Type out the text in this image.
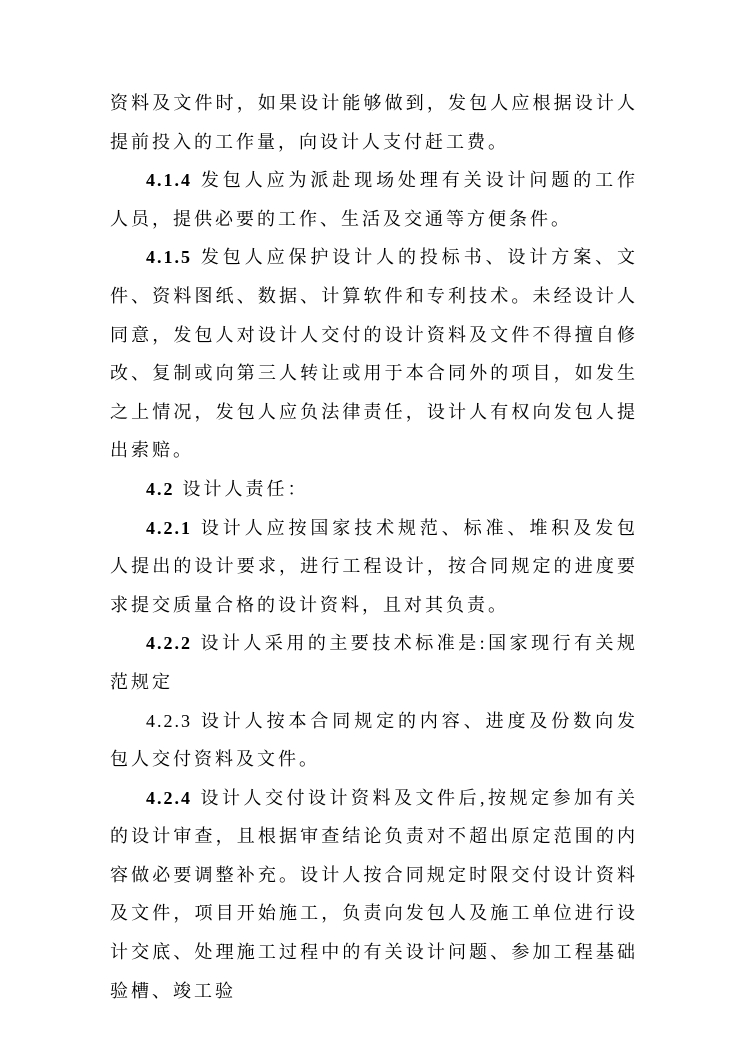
资料及文件时，如果设计能够做到，发包人应根据设计人提前投入的工作量，向设计人支付赶工费。

4.1.4 发包人应为派赴现场处理有关设计问题的工作人员，提供必要的工作、生活及交通等方便条件。

4.1.5 发包人应保护设计人的投标书、设计方案、文件、资料图纸、数据、计算软件和专利技术。未经设计人同意，发包人对设计人交付的设计资料及文件不得擅自修改、复制或向第三人转让或用于本合同外的项目，如发生之上情况，发包人应负法律责任，设计人有权向发包人提出索赔。

4.2 设计人责任：

4.2.1 设计人应按国家技术规范、标准、堆积及发包人提出的设计要求，进行工程设计，按合同规定的进度要求提交质量合格的设计资料，且对其负责。

4.2.2 设计人采用的主要技术标准是:国家现行有关规范规定

4.2.3 设计人按本合同规定的内容、进度及份数向发包人交付资料及文件。

4.2.4 设计人交付设计资料及文件后,按规定参加有关的设计审查，且根据审查结论负责对不超出原定范围的内容做必要调整补充。设计人按合同规定时限交付设计资料及文件，项目开始施工，负责向发包人及施工单位进行设计交底、处理施工过程中的有关设计问题、参加工程基础验槽、竣工验
